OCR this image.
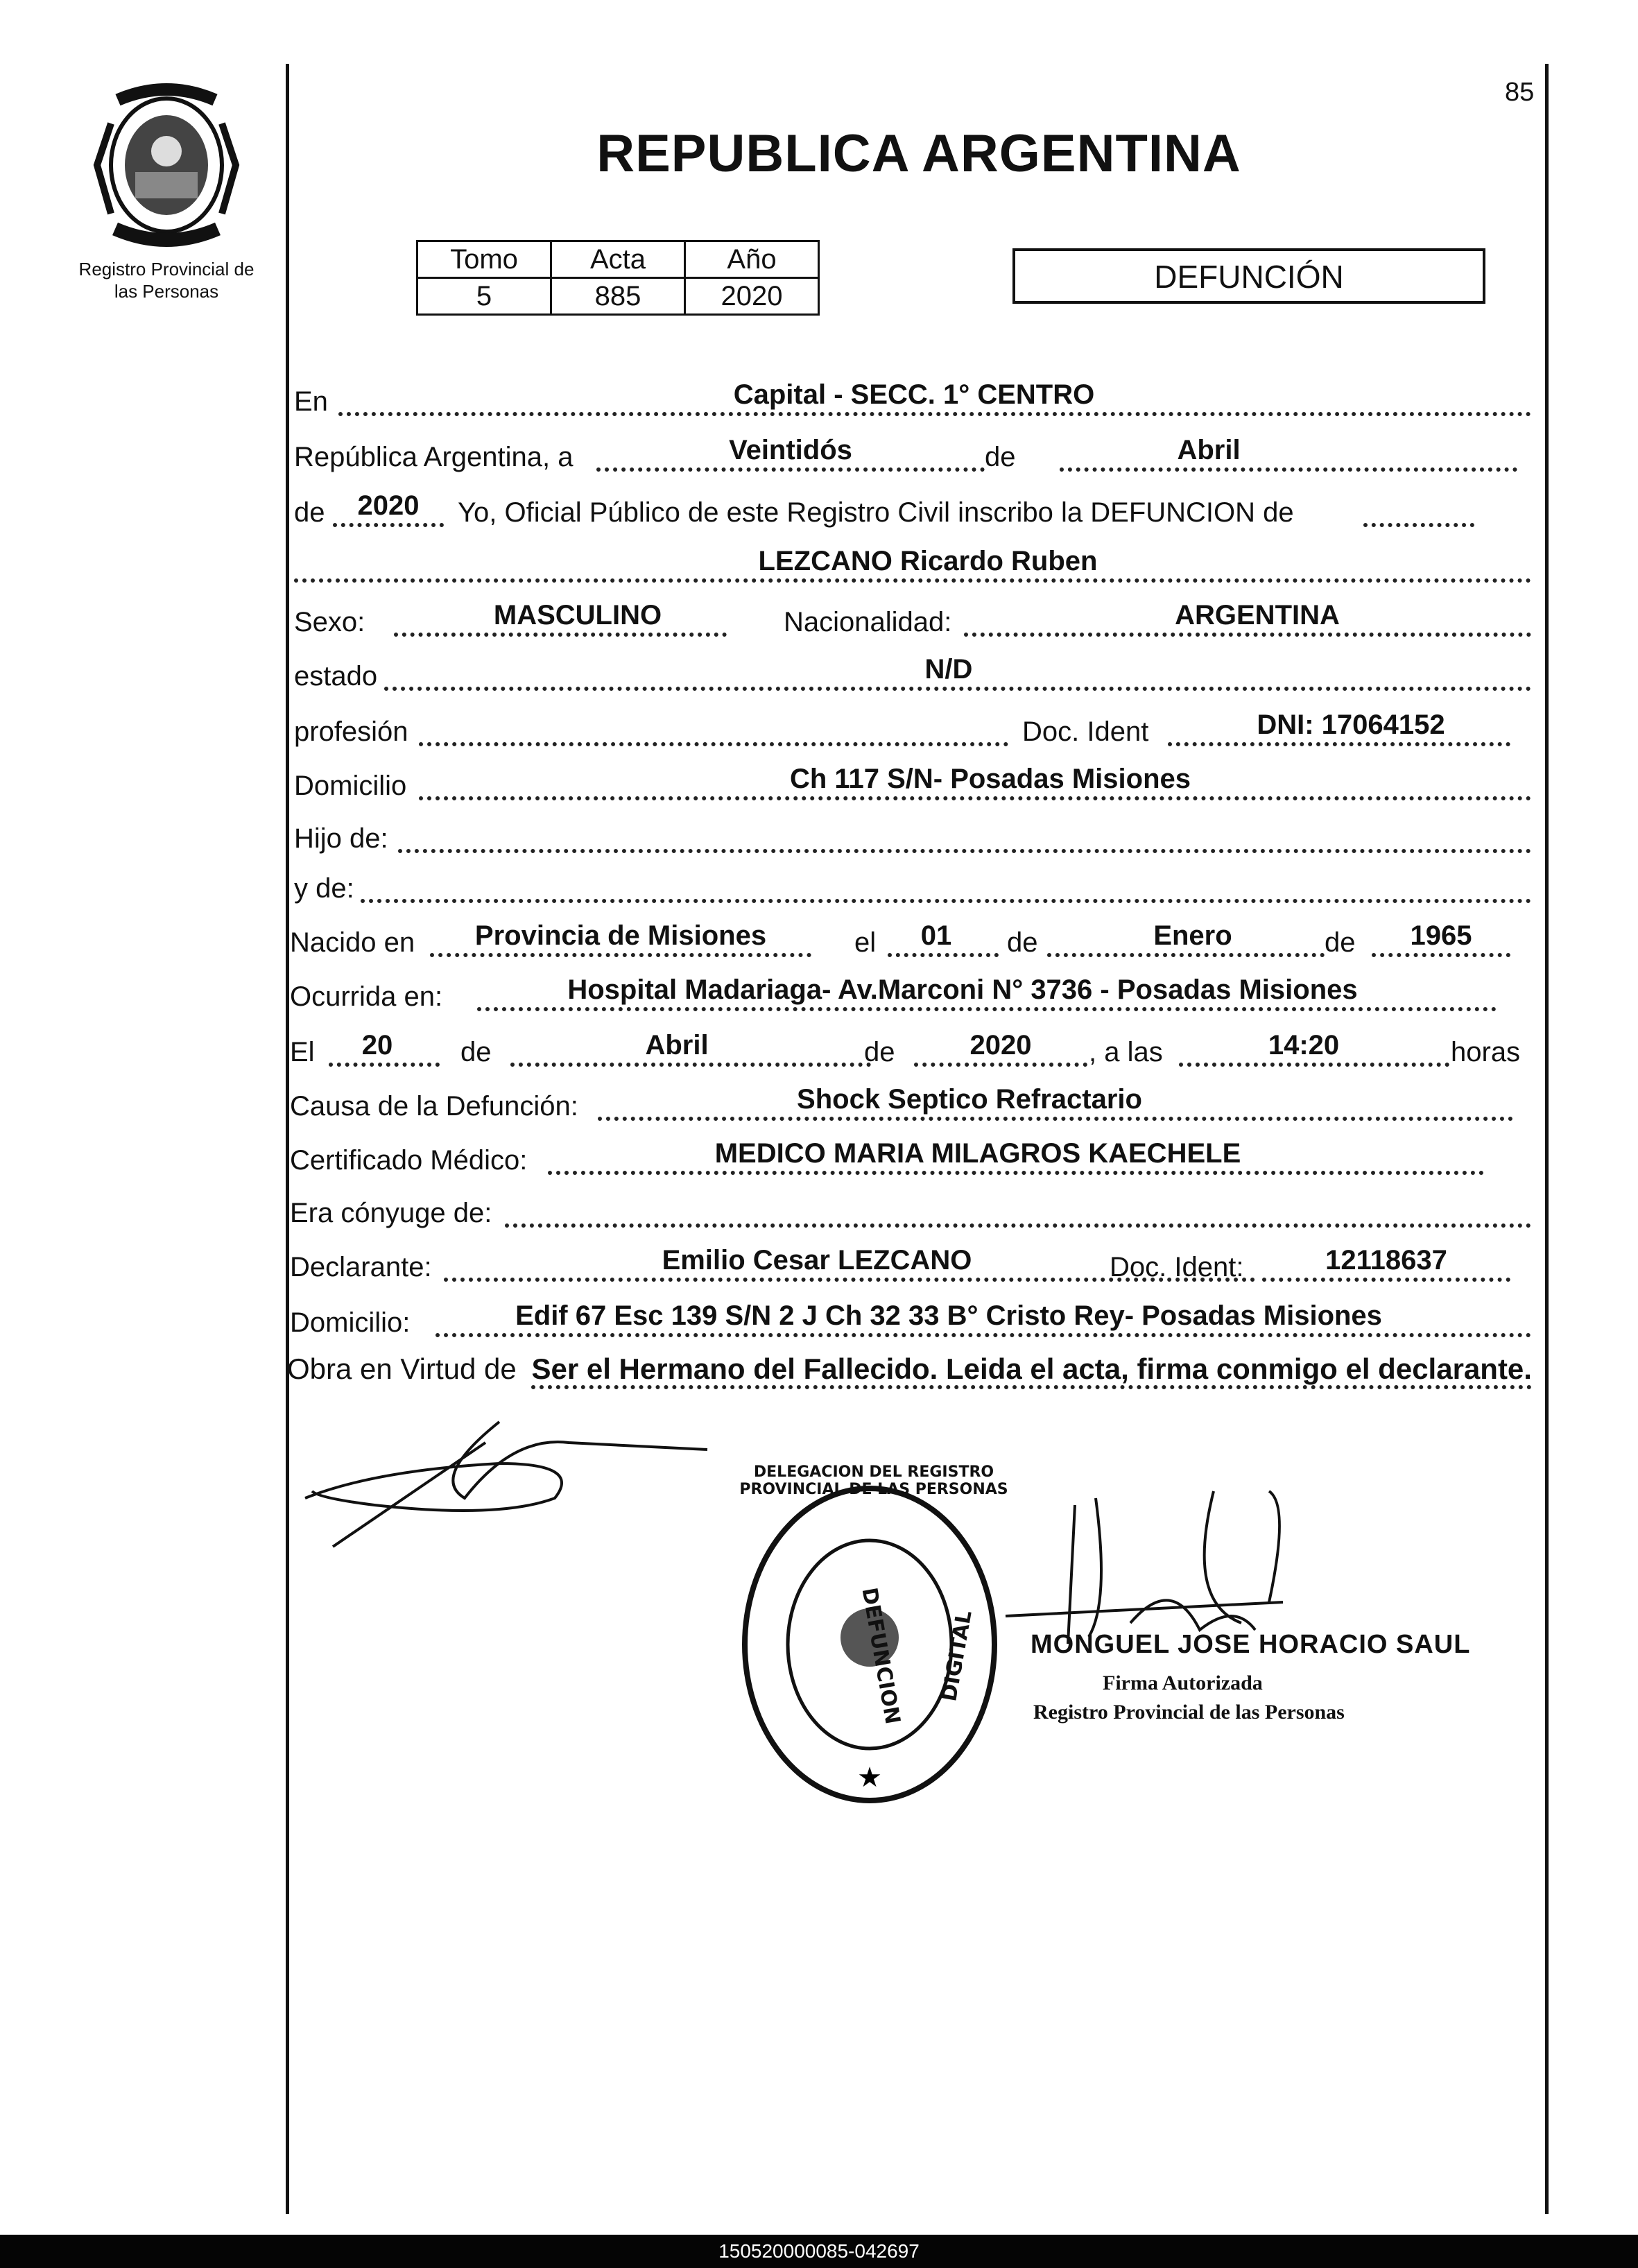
Registro Provincial de
las Personas
85
REPUBLICA ARGENTINA
Tomo	Acta	Año
5	885	2020
DEFUNCIÓN
En	Capital - SECC. 1° CENTRO
República Argentina, a	Veintidós	de	Abril
de	2020	Yo, Oficial Público de este Registro Civil inscribo la DEFUNCION de
LEZCANO Ricardo Ruben
Sexo:	MASCULINO	Nacionalidad:	ARGENTINA
estado	N/D
profesión	Doc. Ident	DNI: 17064152
Domicilio	Ch 117 S/N- Posadas Misiones
Hijo de:
y de:
Nacido en	Provincia de Misiones	el	01	de	Enero	de	1965
Ocurrida en:	Hospital Madariaga- Av.Marconi N° 3736 - Posadas Misiones
El	20	de	Abril	de	2020	, a las	14:20	horas
Causa de la Defunción:	Shock Septico Refractario
Certificado Médico:	MEDICO MARIA MILAGROS KAECHELE
Era cónyuge de:
Declarante:	Emilio Cesar LEZCANO	Doc. Ident:	12118637
Domicilio:	Edif 67 Esc 139 S/N 2 J Ch 32 33 B° Cristo Rey- Posadas Misiones
Obra en Virtud de Ser el Hermano del Fallecido. Leida el acta, firma conmigo el declarante.
★
DELEGACION DEL REGISTRO PROVINCIAL DE LAS PERSONAS
DEFUNCION	DIGITAL MONGUEL JOSE HORACIO SAUL
Firma Autorizada
Registro Provincial de las Personas
150520000085-042697
